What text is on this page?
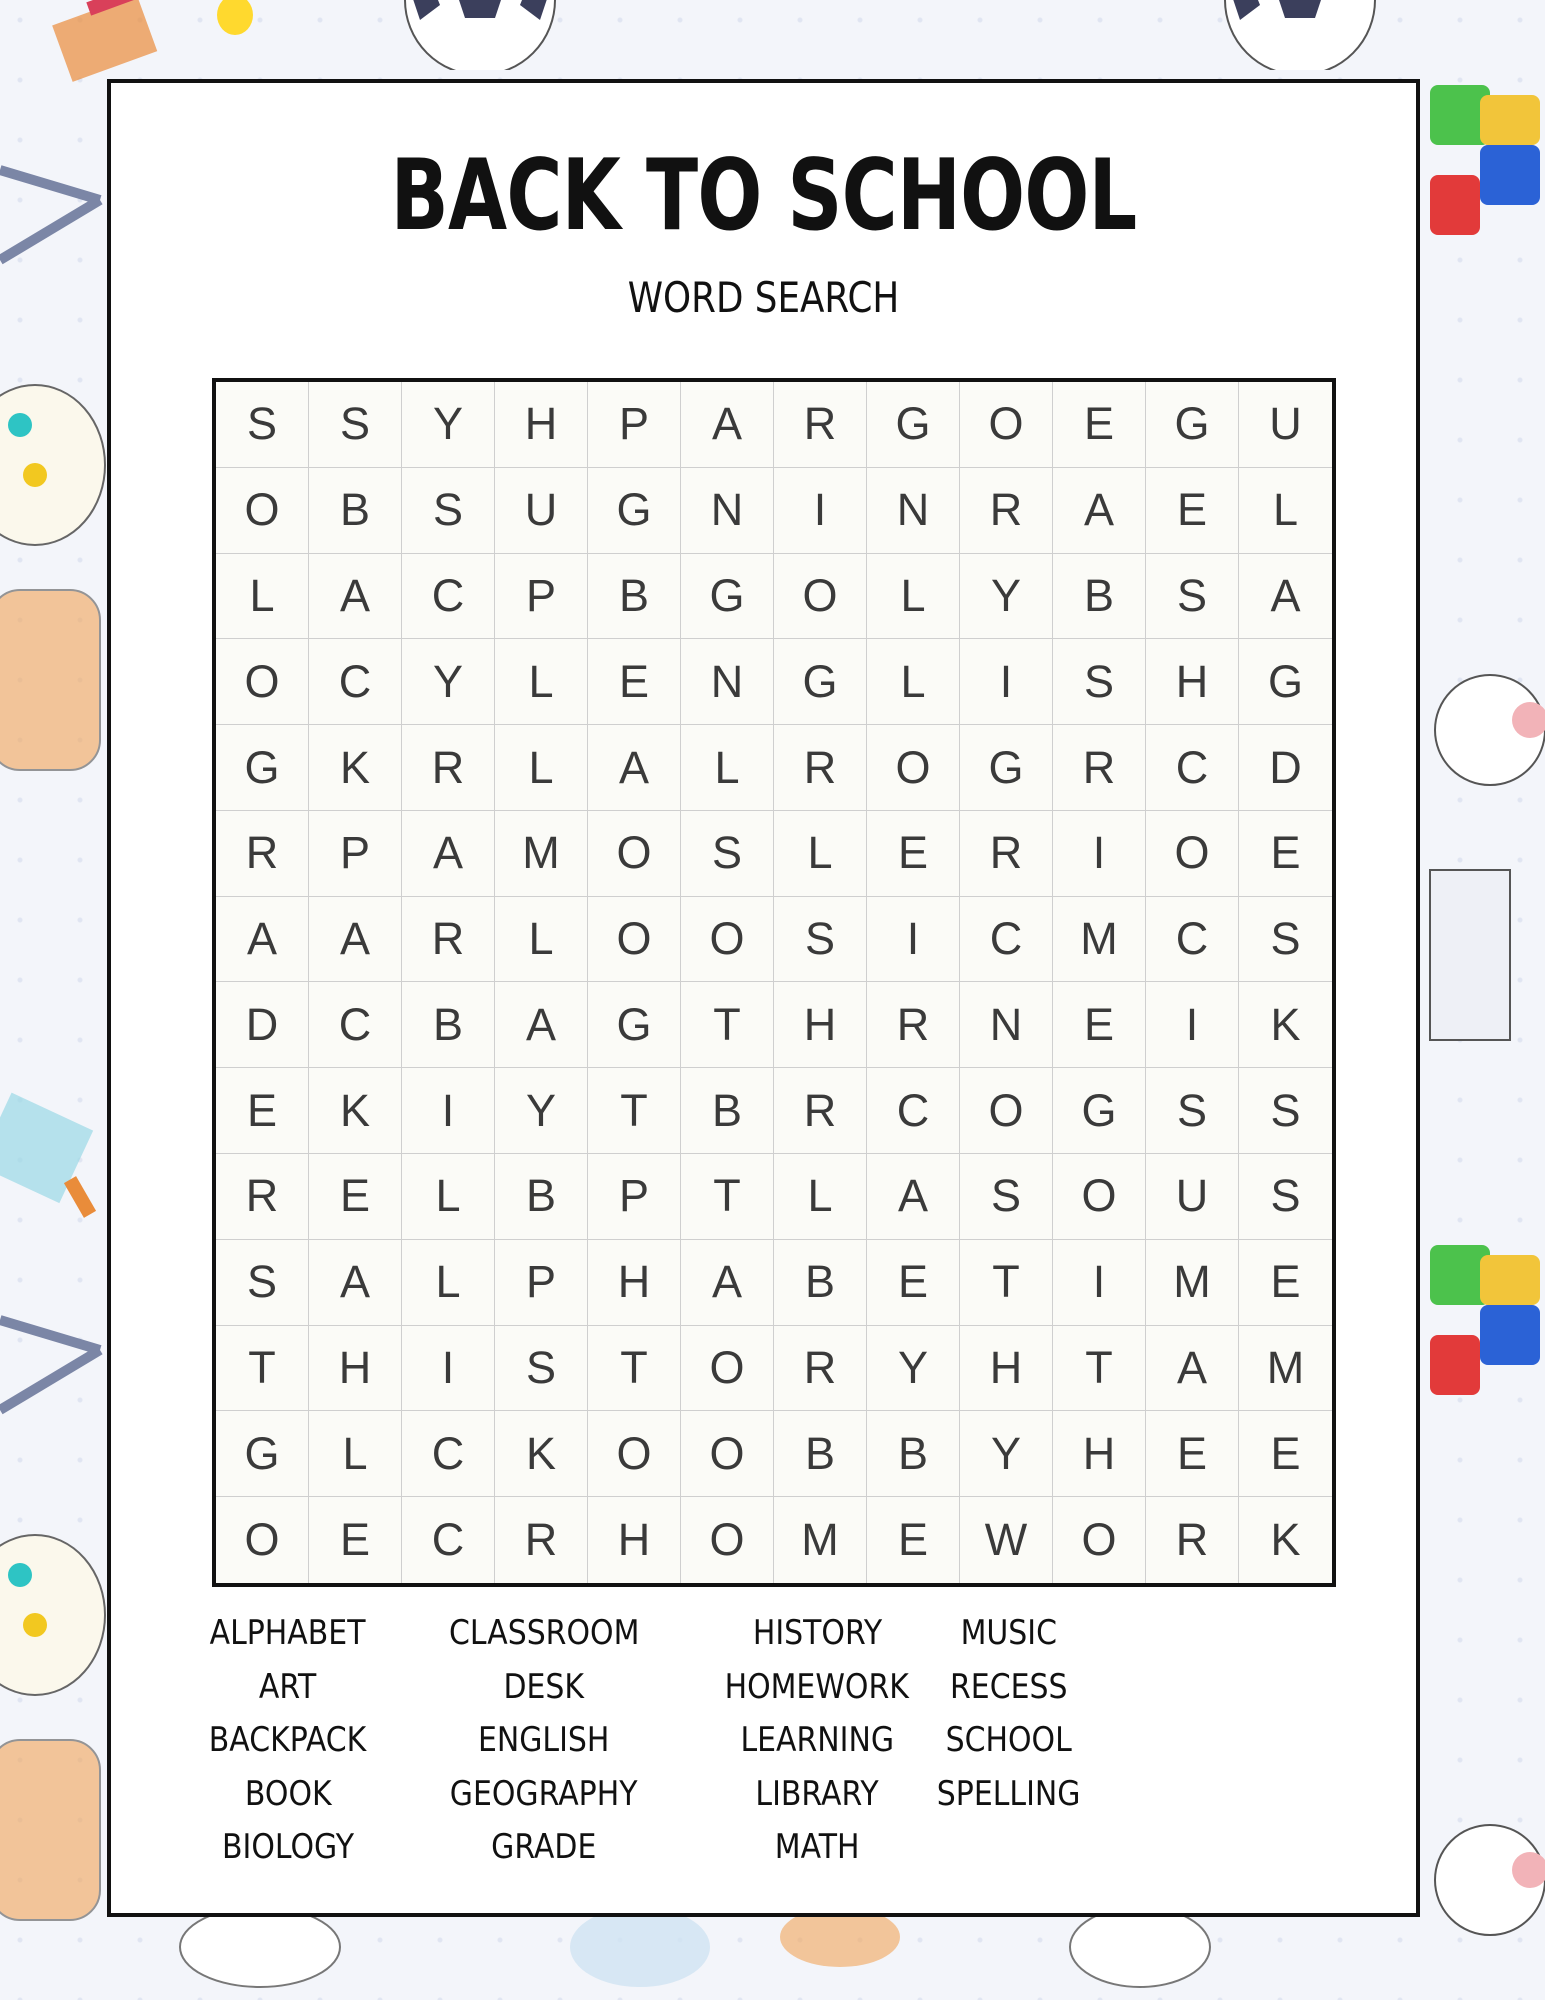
BACK TO SCHOOL
WORD SEARCH
S	S	Y	H	P	A	R	G	O	E	G	U
O	B	S	U	G	N	I	N	R	A	E	L
L	A	C	P	B	G	O	L	Y	B	S	A
O	C	Y	L	E	N	G	L	I	S	H	G
G	K	R	L	A	L	R	O	G	R	C	D
R	P	A	M	O	S	L	E	R	I	O	E
A	A	R	L	O	O	S	I	C	M	C	S
D	C	B	A	G	T	H	R	N	E	I	K
E	K	I	Y	T	B	R	C	O	G	S	S
R	E	L	B	P	T	L	A	S	O	U	S
S	A	L	P	H	A	B	E	T	I	M	E
T	H	I	S	T	O	R	Y	H	T	A	M
G	L	C	K	O	O	B	B	Y	H	E	E
O	E	C	R	H	O	M	E	W	O	R	K
ALPHABET
ART
BACKPACK
BOOK
BIOLOGY
CLASSROOM
DESK
ENGLISH
GEOGRAPHY
GRADE
HISTORY
HOMEWORK
LEARNING
LIBRARY
MATH
MUSIC
RECESS
SCHOOL
SPELLING
